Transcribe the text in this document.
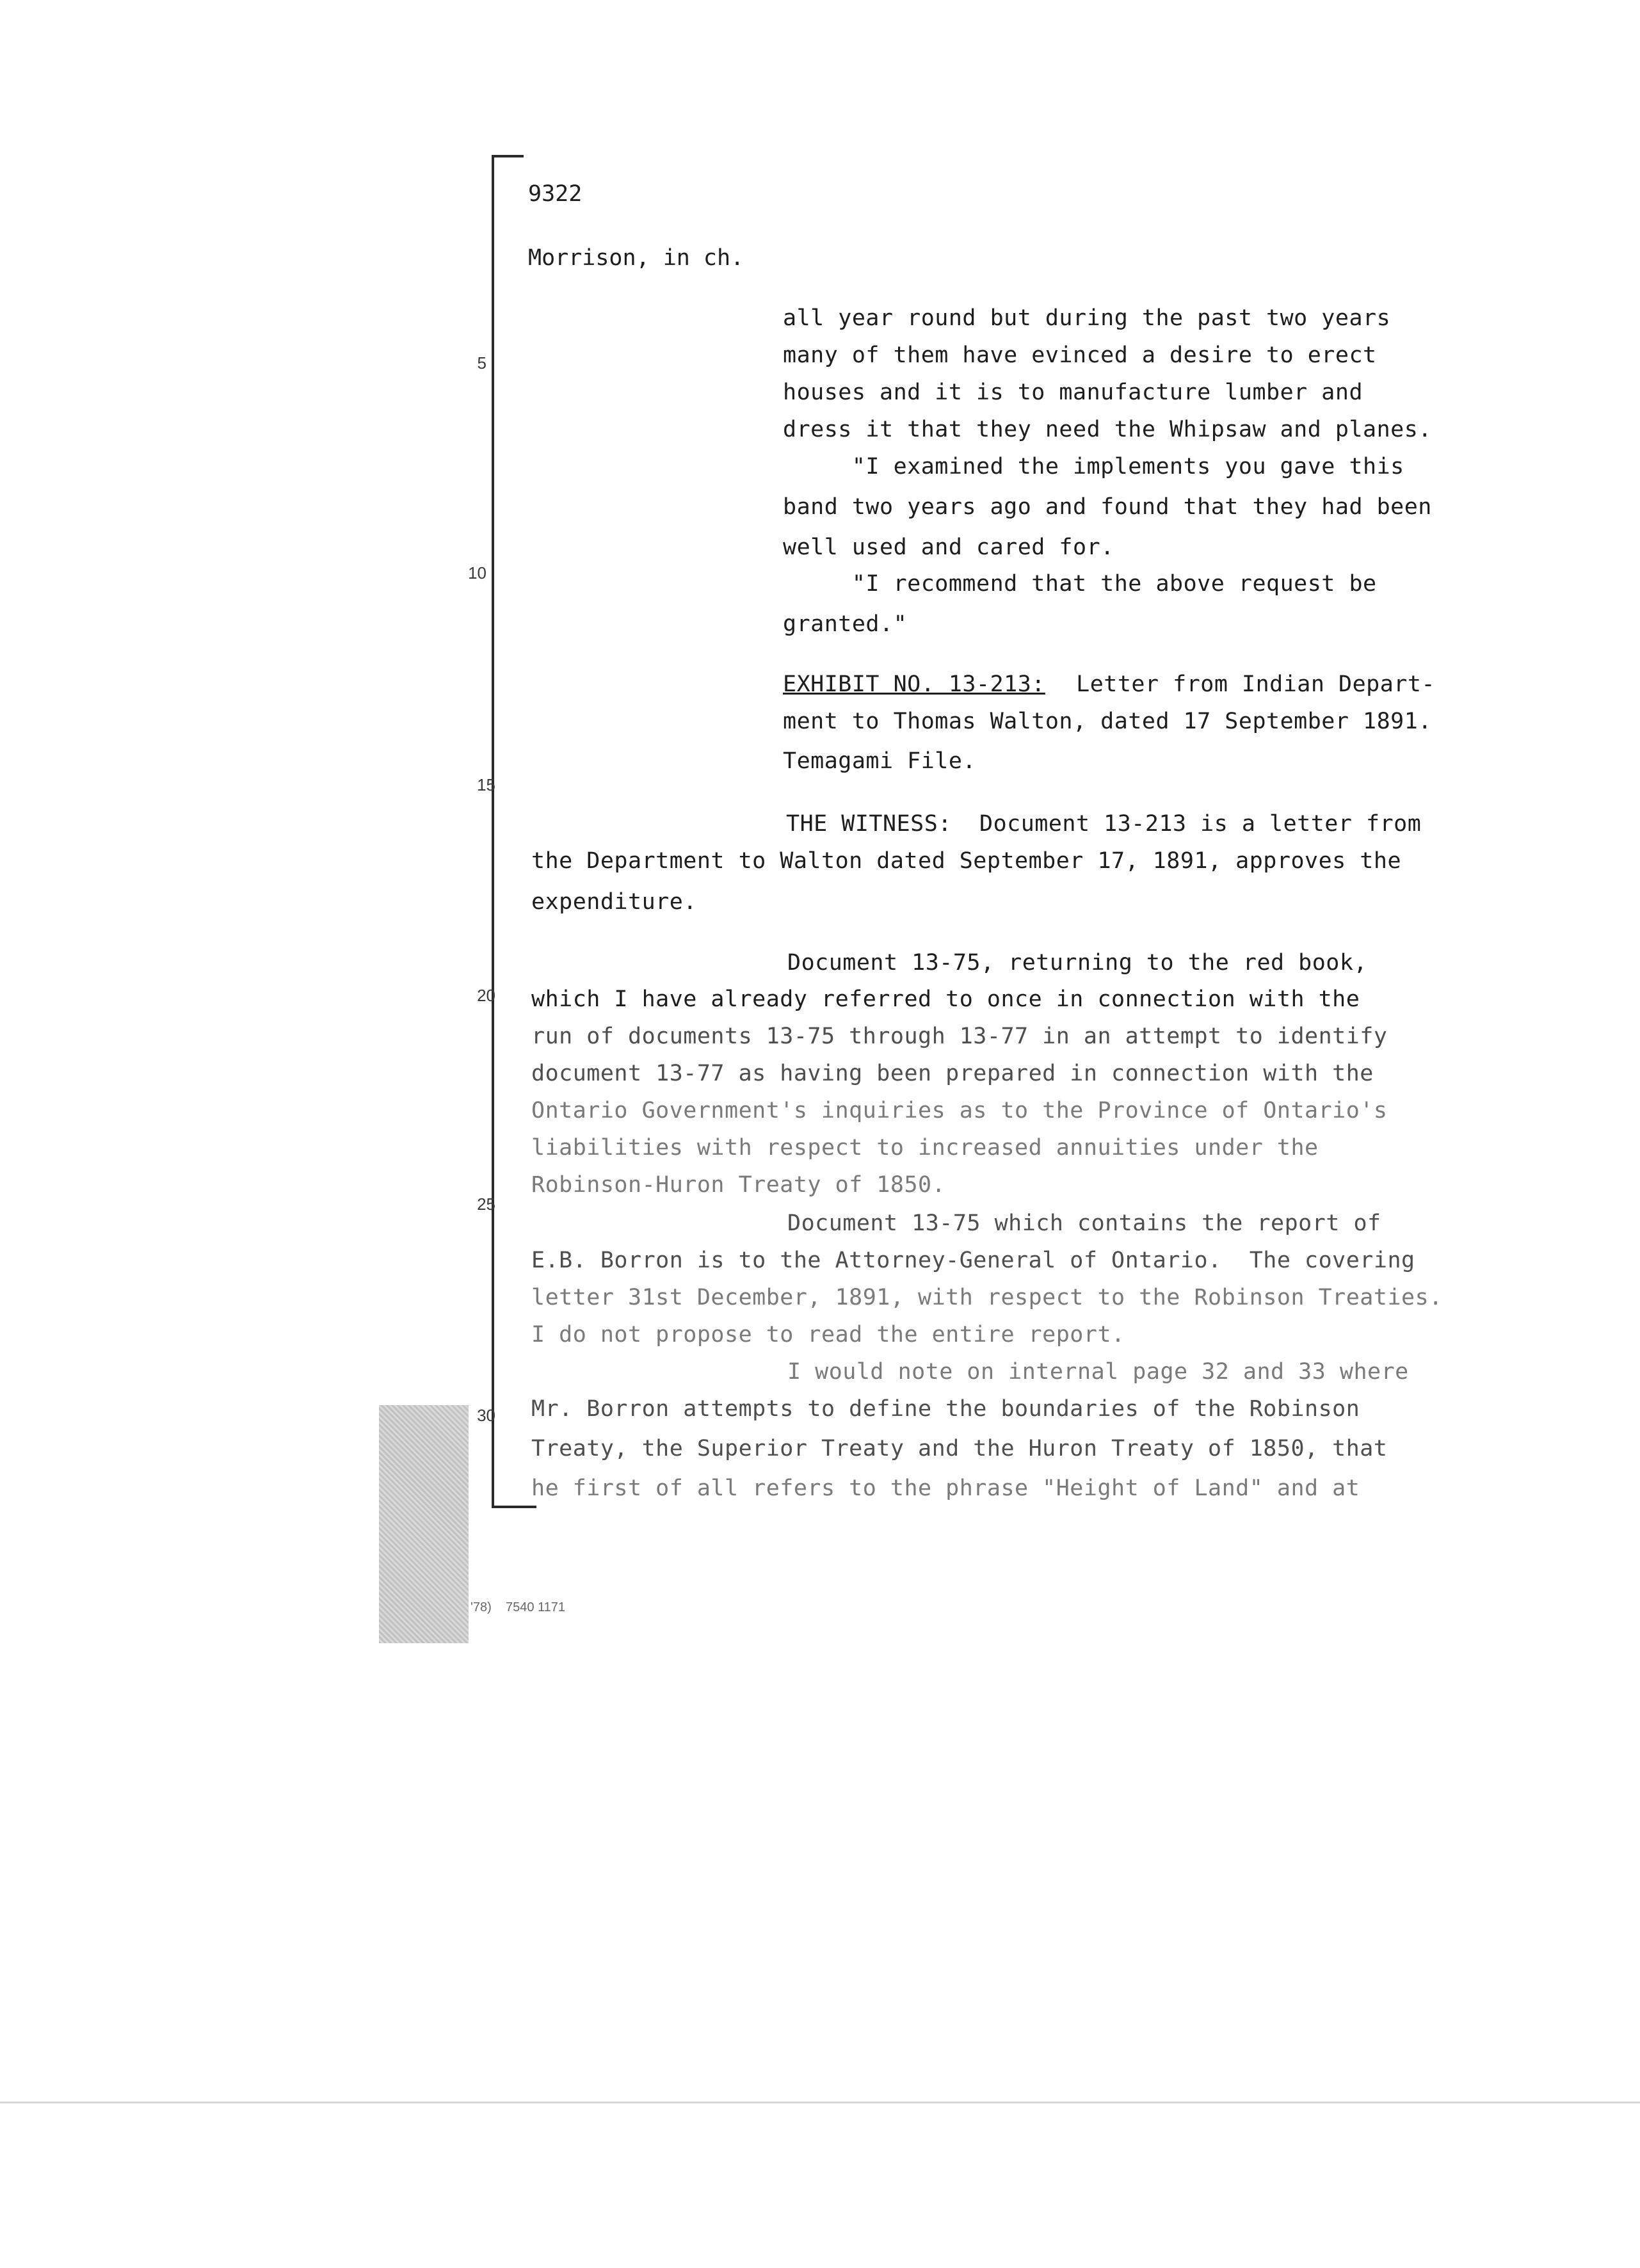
5
10
15
20
25
30
9322
Morrison, in ch.
all year round but during the past two years
many of them have evinced a desire to erect
houses and it is to manufacture lumber and
dress it that they need the Whipsaw and planes.
"I examined the implements you gave this
band two years ago and found that they had been
well used and cared for.
"I recommend that the above request be
granted."
EXHIBIT NO. 13-213: Letter from Indian Depart-
ment to Thomas Walton, dated 17 September 1891.
Temagami File.
THE WITNESS:  Document 13-213 is a letter from
the Department to Walton dated September 17, 1891, approves the
expenditure.
Document 13-75, returning to the red book,
which I have already referred to once in connection with the
run of documents 13-75 through 13-77 in an attempt to identify
document 13-77 as having been prepared in connection with the
Ontario Government's inquiries as to the Province of Ontario's
liabilities with respect to increased annuities under the
Robinson-Huron Treaty of 1850.
Document 13-75 which contains the report of
E.B. Borron is to the Attorney-General of Ontario.  The covering
letter 31st December, 1891, with respect to the Robinson Treaties.
I do not propose to read the entire report.
I would note on internal page 32 and 33 where
Mr. Borron attempts to define the boundaries of the Robinson
Treaty, the Superior Treaty and the Huron Treaty of 1850, that
he first of all refers to the phrase "Height of Land" and at
'78)    7540 1171
